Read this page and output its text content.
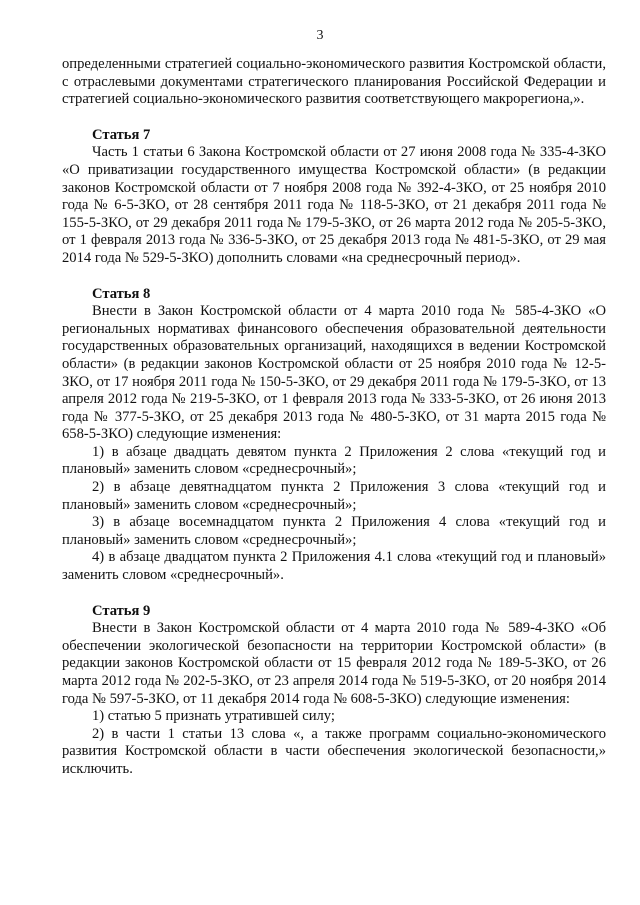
3

определенными стратегией социально-экономического развития Костромской области, с отраслевыми документами стратегического планирования Российской Федерации и стратегией социально-экономического развития соответствующего макрорегиона,».

Статья 7

Часть 1 статьи 6 Закона Костромской области от 27 июня 2008 года № 335-4-ЗКО «О приватизации государственного имущества Костромской области» (в редакции законов Костромской области от 7 ноября 2008 года № 392-4-ЗКО, от 25 ноября 2010 года № 6-5-ЗКО, от 28 сентября 2011 года № 118-5-ЗКО, от 21 декабря 2011 года № 155-5-ЗКО, от 29 декабря 2011 года № 179-5-ЗКО, от 26 марта 2012 года № 205-5-ЗКО, от 1 февраля 2013 года № 336-5-ЗКО, от 25 декабря 2013 года № 481-5-ЗКО, от 29 мая 2014 года № 529-5-ЗКО) дополнить словами «на среднесрочный период».

Статья 8

Внести в Закон Костромской области от 4 марта 2010 года № 585-4-ЗКО «О региональных нормативах финансового обеспечения образовательной деятельности государственных образовательных организаций, находящихся в ведении Костромской области» (в редакции законов Костромской области от 25 ноября 2010 года № 12-5-ЗКО, от 17 ноября 2011 года № 150-5-ЗКО, от 29 декабря 2011 года № 179-5-ЗКО, от 13 апреля 2012 года № 219-5-ЗКО, от 1 февраля 2013 года № 333-5-ЗКО, от 26 июня 2013 года № 377-5-ЗКО, от 25 декабря 2013 года № 480-5-ЗКО, от 31 марта 2015 года № 658-5-ЗКО) следующие изменения:

1) в абзаце двадцать девятом пункта 2 Приложения 2 слова «текущий год и плановый» заменить словом «среднесрочный»;

2) в абзаце девятнадцатом пункта 2 Приложения 3 слова «текущий год и плановый» заменить словом «среднесрочный»;

3) в абзаце восемнадцатом пункта 2 Приложения 4 слова «текущий год и плановый» заменить словом «среднесрочный»;

4) в абзаце двадцатом пункта 2 Приложения 4.1 слова «текущий год и плановый» заменить словом «среднесрочный».

Статья 9

Внести в Закон Костромской области от 4 марта 2010 года № 589-4-ЗКО «Об обеспечении экологической безопасности на территории Костромской области» (в редакции законов Костромской области от 15 февраля 2012 года № 189-5-ЗКО, от 26 марта 2012 года № 202-5-ЗКО, от 23 апреля 2014 года № 519-5-ЗКО, от 20 ноября 2014 года № 597-5-ЗКО, от 11 декабря 2014 года № 608-5-ЗКО) следующие изменения:

1) статью 5 признать утратившей силу;

2) в части 1 статьи 13 слова «, а также программ социально-экономического развития Костромской области в части обеспечения экологической безопасности,» исключить.
